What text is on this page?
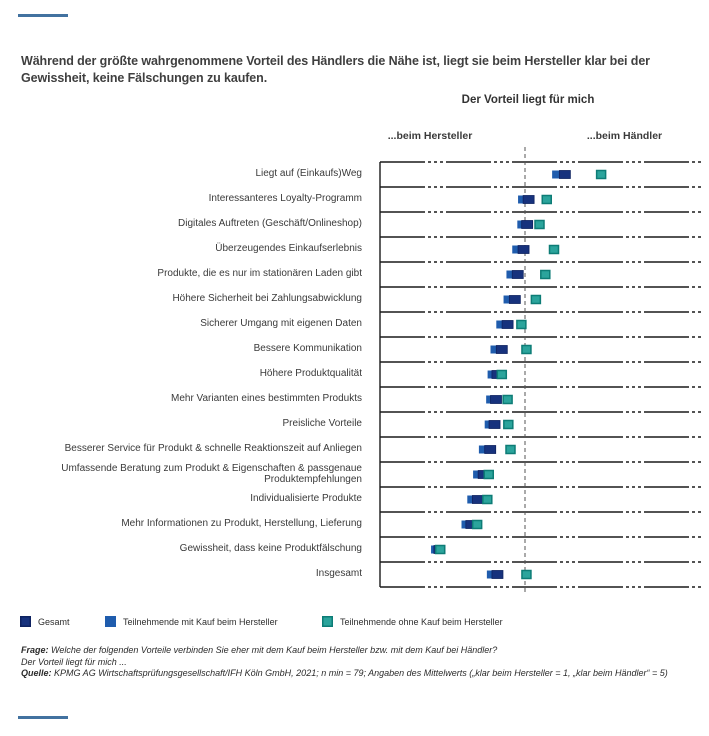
Während der größte wahrgenommene Vorteil des Händlers die Nähe ist, liegt sie beim Hersteller klar bei der Gewissheit, keine Fälschungen zu kaufen.
Der Vorteil liegt für mich
...beim Hersteller	...beim Händler
Liegt auf (Einkaufs)Weg
Interessanteres Loyalty-Programm
Digitales Auftreten (Geschäft/Onlineshop)
Überzeugendes Einkaufserlebnis
Produkte, die es nur im stationären Laden gibt
Höhere Sicherheit bei Zahlungsabwicklung
Sicherer Umgang mit eigenen Daten
Bessere Kommunikation
Höhere Produktqualität
Mehr Varianten eines bestimmten Produkts
Preisliche Vorteile
Besserer Service für Produkt & schnelle Reaktionszeit auf Anliegen
Umfassende Beratung zum Produkt & Eigenschaften & passgenaue Produktempfehlungen
Individualisierte Produkte
Mehr Informationen zu Produkt, Herstellung, Lieferung
Gewissheit, dass keine Produktfälschung
Insgesamt
Gesamt	Teilnehmende mit Kauf beim Hersteller	Teilnehmende ohne Kauf beim Hersteller
Frage: Welche der folgenden Vorteile verbinden Sie eher mit dem Kauf beim Hersteller bzw. mit dem Kauf bei Händler?
Der Vorteil liegt für mich ...
Quelle: KPMG AG Wirtschaftsprüfungsgesellschaft/IFH Köln GmbH, 2021; n min = 79; Angaben des Mittelwerts („klar beim Hersteller = 1, „klar beim Händler“ = 5)
